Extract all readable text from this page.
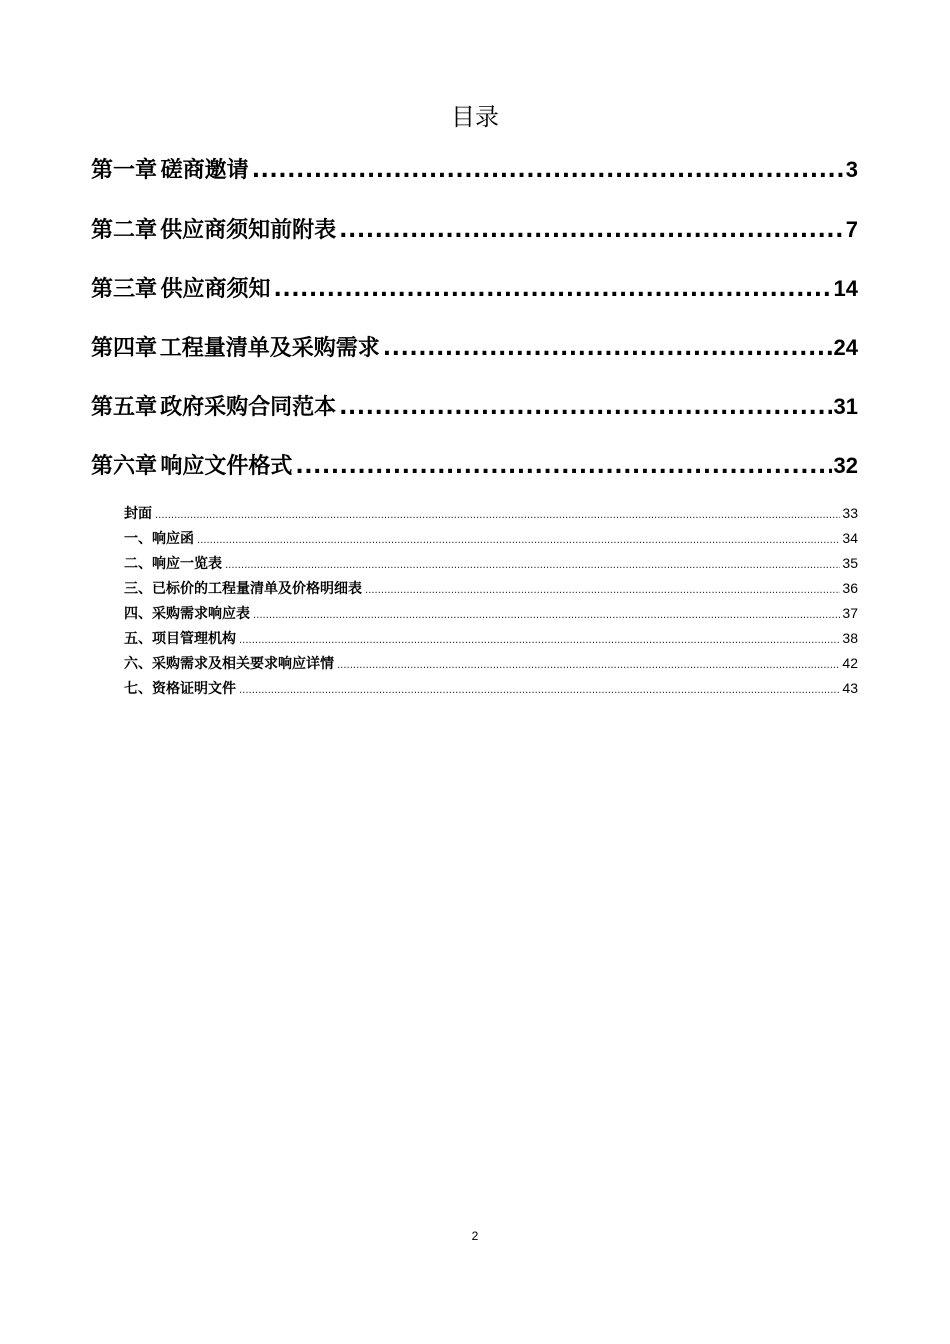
目录
第一章 磋商邀请 .....	3
第二章 供应商须知前附表 .....	7
第三章 供应商须知 .....	14
第四章 工程量清单及采购需求 .....	24
第五章 政府采购合同范本 .....	31
第六章 响应文件格式 .....	32
封面 .....	33
一、响应函 .....	34
二、响应一览表 .....	35
三、已标价的工程量清单及价格明细表 .....	36
四、采购需求响应表 .....	37
五、项目管理机构 .....	38
六、采购需求及相关要求响应详情 .....	42
七、资格证明文件 .....	43
2
